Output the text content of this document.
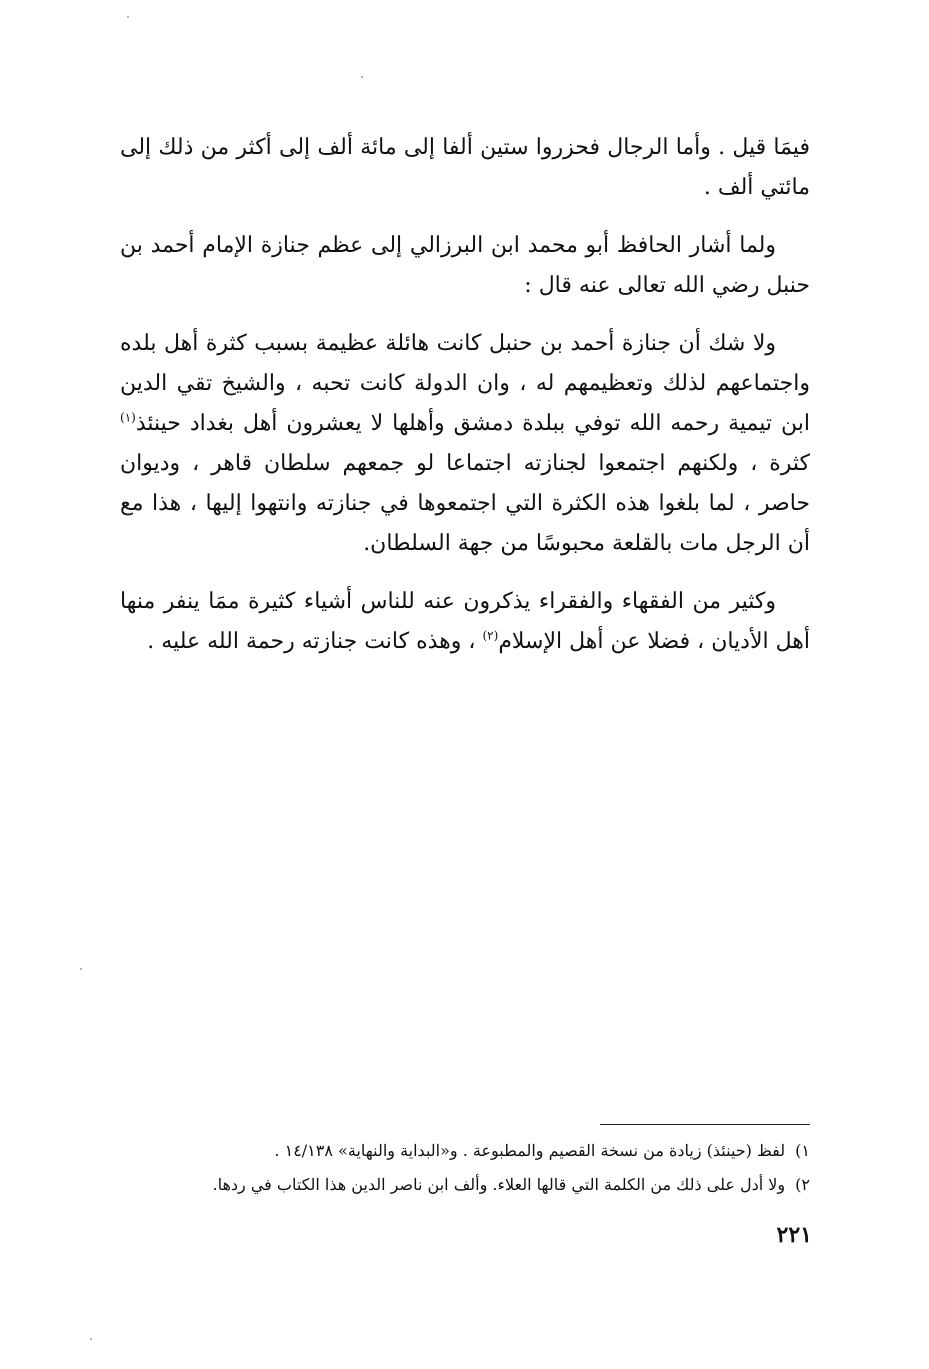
فيمَا قيل . وأما الرجال فحزروا ستين ألفا إلى مائة ألف إلى أكثر من ذلك إلى مائتي ألف .

ولما أشار الحافظ أبو محمد ابن البرزالي إلى عظم جنازة الإمام أحمد بن حنبل رضي الله تعالى عنه قال :

ولا شك أن جنازة أحمد بن حنبل كانت هائلة عظيمة بسبب كثرة أهل بلده واجتماعهم لذلك وتعظيمهم له ، وان الدولة كانت تحبه ، والشيخ تقي الدين ابن تيمية رحمه الله توفي ببلدة دمشق وأهلها لا يعشرون أهل بغداد حينئذ$^{(١)}$ كثرة ، ولكنهم اجتمعوا لجنازته اجتماعا لو جمعهم سلطان قاهر ، وديوان حاصر ، لما بلغوا هذه الكثرة التي اجتمعوها في جنازته وانتهوا إليها ، هذا مع أن الرجل مات بالقلعة محبوسًا من جهة السلطان.

وكثير من الفقهاء والفقراء يذكرون عنه للناس أشياء كثيرة ممَا ينفر منها أهل الأديان ، فضلا عن أهل الإسلام$^{(٢)}$ ، وهذه كانت جنازته رحمة الله عليه .

١)لفظ (حينئذ) زيادة من نسخة القصيم والمطبوعة . و«البداية والنهاية» ١٤/١٣٨ .
٢)ولا أدل على ذلك من الكلمة التي قالها العلاء. وألف ابن ناصر الدين هذا الكتاب في ردها.
٢٢١
